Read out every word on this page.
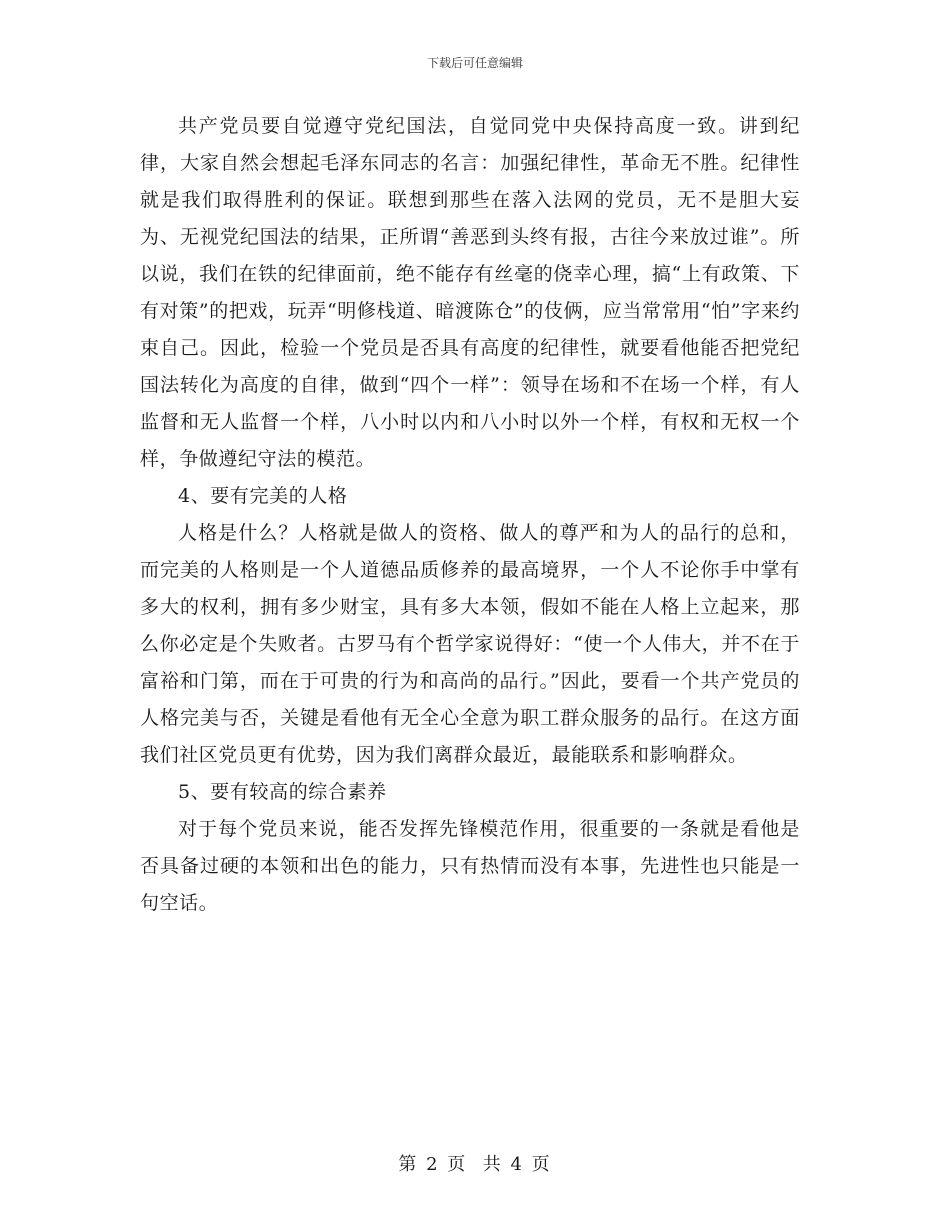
下载后可任意编辑

共产党员要自觉遵守党纪国法，自觉同党中央保持高度一致。讲到纪律，大家自然会想起毛泽东同志的名言：加强纪律性，革命无不胜。纪律性就是我们取得胜利的保证。联想到那些在落入法网的党员，无不是胆大妄为、无视党纪国法的结果，正所谓“善恶到头终有报，古往今来放过谁”。所以说，我们在铁的纪律面前，绝不能存有丝毫的侥幸心理，搞“上有政策、下有对策”的把戏，玩弄“明修栈道、暗渡陈仓”的伎俩，应当常常用“怕”字来约束自己。因此，检验一个党员是否具有高度的纪律性，就要看他能否把党纪国法转化为高度的自律，做到“四个一样”：领导在场和不在场一个样，有人监督和无人监督一个样，八小时以内和八小时以外一个样，有权和无权一个样，争做遵纪守法的模范。

4、要有完美的人格

人格是什么？人格就是做人的资格、做人的尊严和为人的品行的总和，而完美的人格则是一个人道德品质修养的最高境界，一个人不论你手中掌有多大的权利，拥有多少财宝，具有多大本领，假如不能在人格上立起来，那么你必定是个失败者。古罗马有个哲学家说得好：“使一个人伟大，并不在于富裕和门第，而在于可贵的行为和高尚的品行。”因此，要看一个共产党员的人格完美与否，关键是看他有无全心全意为职工群众服务的品行。在这方面我们社区党员更有优势，因为我们离群众最近，最能联系和影响群众。

5、要有较高的综合素养

对于每个党员来说，能否发挥先锋模范作用，很重要的一条就是看他是否具备过硬的本领和出色的能力，只有热情而没有本事，先进性也只能是一句空话。

第 2 页  共 4 页
